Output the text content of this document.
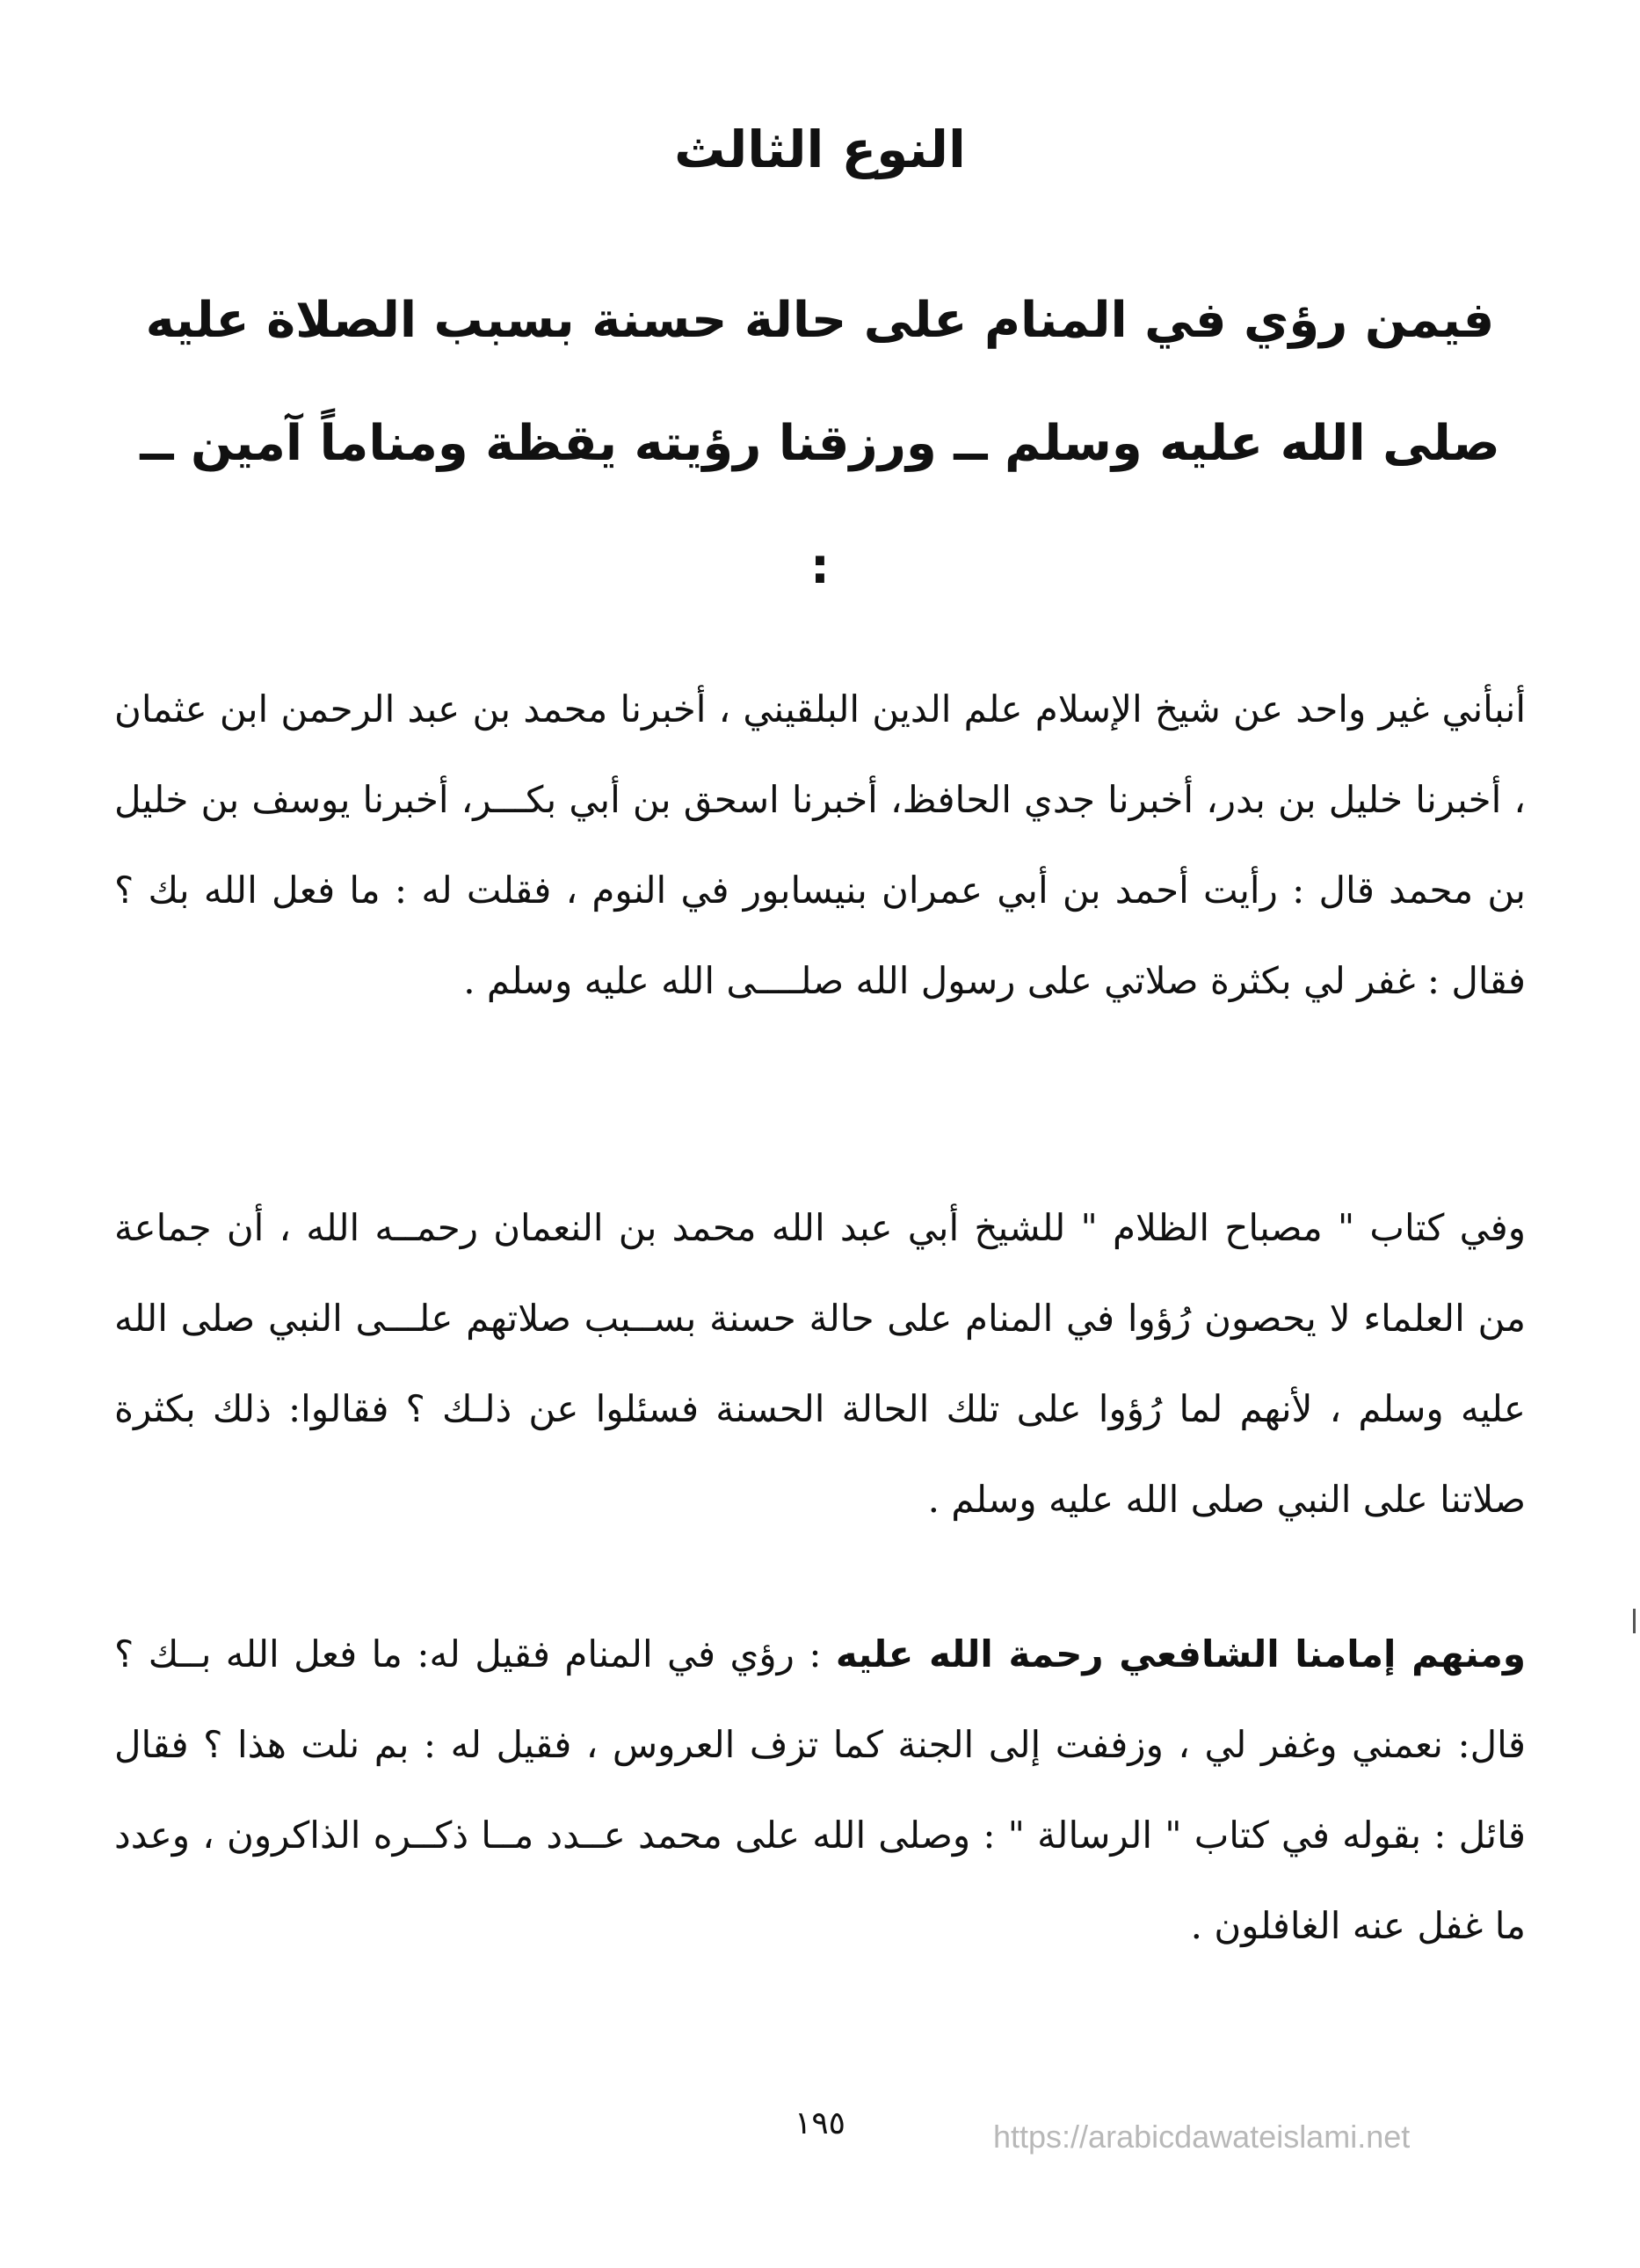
النوع الثالث
فيمن رؤي في المنام على حالة حسنة بسبب الصلاة عليه صلى الله عليه وسلم ــ ورزقنا رؤيته يقظة ومناماً آمين ــ :

أنبأني غير واحد عن شيخ الإسلام علم الدين البلقيني ، أخبرنا محمد بن عبد الرحمن ابن عثمان ، أخبرنا خليل بن بدر، أخبرنا جدي الحافظ، أخبرنا اسحق بن أبي بكـــر، أخبرنا يوسف بن خليل بن محمد قال : رأيت أحمد بن أبي عمران بنيسابور في النوم ، فقلت له : ما فعل الله بك ؟ فقال : غفر لي بكثرة صلاتي على رسول الله صلــــى الله عليه وسلم .

وفي كتاب " مصباح الظلام " للشيخ أبي عبد الله محمد بن النعمان رحمــه الله ، أن جماعة من العلماء لا يحصون رُؤوا في المنام على حالة حسنة بســبب صلاتهم علـــى النبي صلى الله عليه وسلم ، لأنهم لما رُؤوا على تلك الحالة الحسنة فسئلوا عن ذلـك ؟ فقالوا: ذلك بكثرة صلاتنا على النبي صلى الله عليه وسلم .

ومنهم إمامنا الشافعي رحمة الله عليه : رؤي في المنام فقيل له: ما فعل الله بــك ؟ قال: نعمني وغفر لي ، وزففت إلى الجنة كما تزف العروس ، فقيل له : بم نلت هذا ؟ فقال قائل : بقوله في كتاب " الرسالة " : وصلى الله على محمد عــدد مــا ذكــره الذاكرون ، وعدد ما غفل عنه الغافلون .

١٩٥	https://arabicdawateislami.net
